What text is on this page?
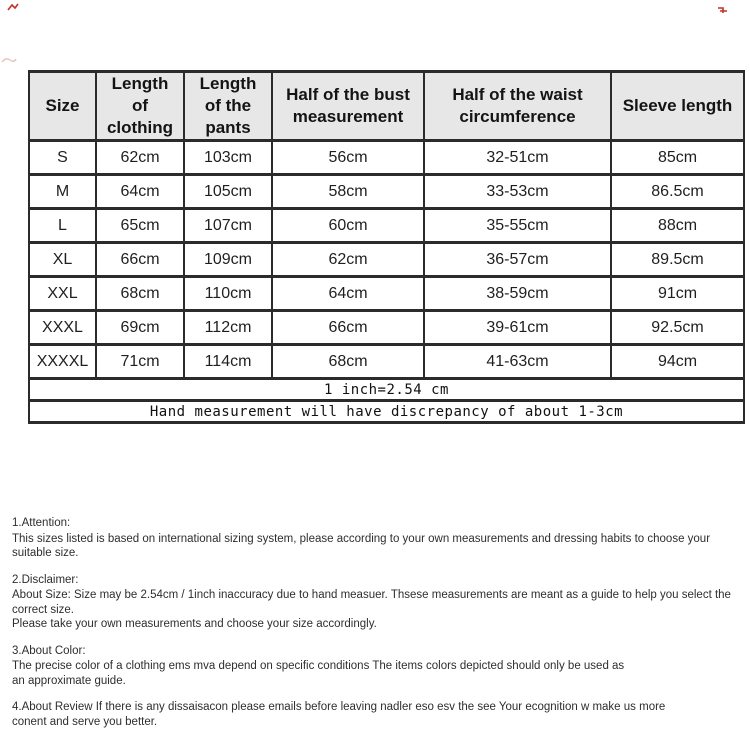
Size	Length of clothing	Length of the pants	Half of the bust measurement	Half of the waist circumference	Sleeve length
S	62cm	103cm	56cm	32-51cm	85cm
M	64cm	105cm	58cm	33-53cm	86.5cm
L	65cm	107cm	60cm	35-55cm	88cm
XL	66cm	109cm	62cm	36-57cm	89.5cm
XXL	68cm	110cm	64cm	38-59cm	91cm
XXXL	69cm	112cm	66cm	39-61cm	92.5cm
XXXXL	71cm	114cm	68cm	41-63cm	94cm
1 inch=2.54 cm					
Hand measurement will have discrepancy of about 1-3cm					
1.Attention:
This sizes listed is based on international sizing system, please according to your own measurements and dressing habits to choose your suitable size.
2.Disclaimer:
About Size: Size may be 2.54cm / 1inch inaccuracy due to hand measuer. Thsese measurements are meant as a guide to help you select the correct size.
Please take your own measurements and choose your size accordingly.
3.About Color:
The precise color of a clothing ems mva depend on specific conditions The items colors depicted should only be used as
an approximate guide.
4.About Review If there is any dissaisacon please emails before leaving nadler eso esv the see Your ecognition w make us more
conent and serve you better.
